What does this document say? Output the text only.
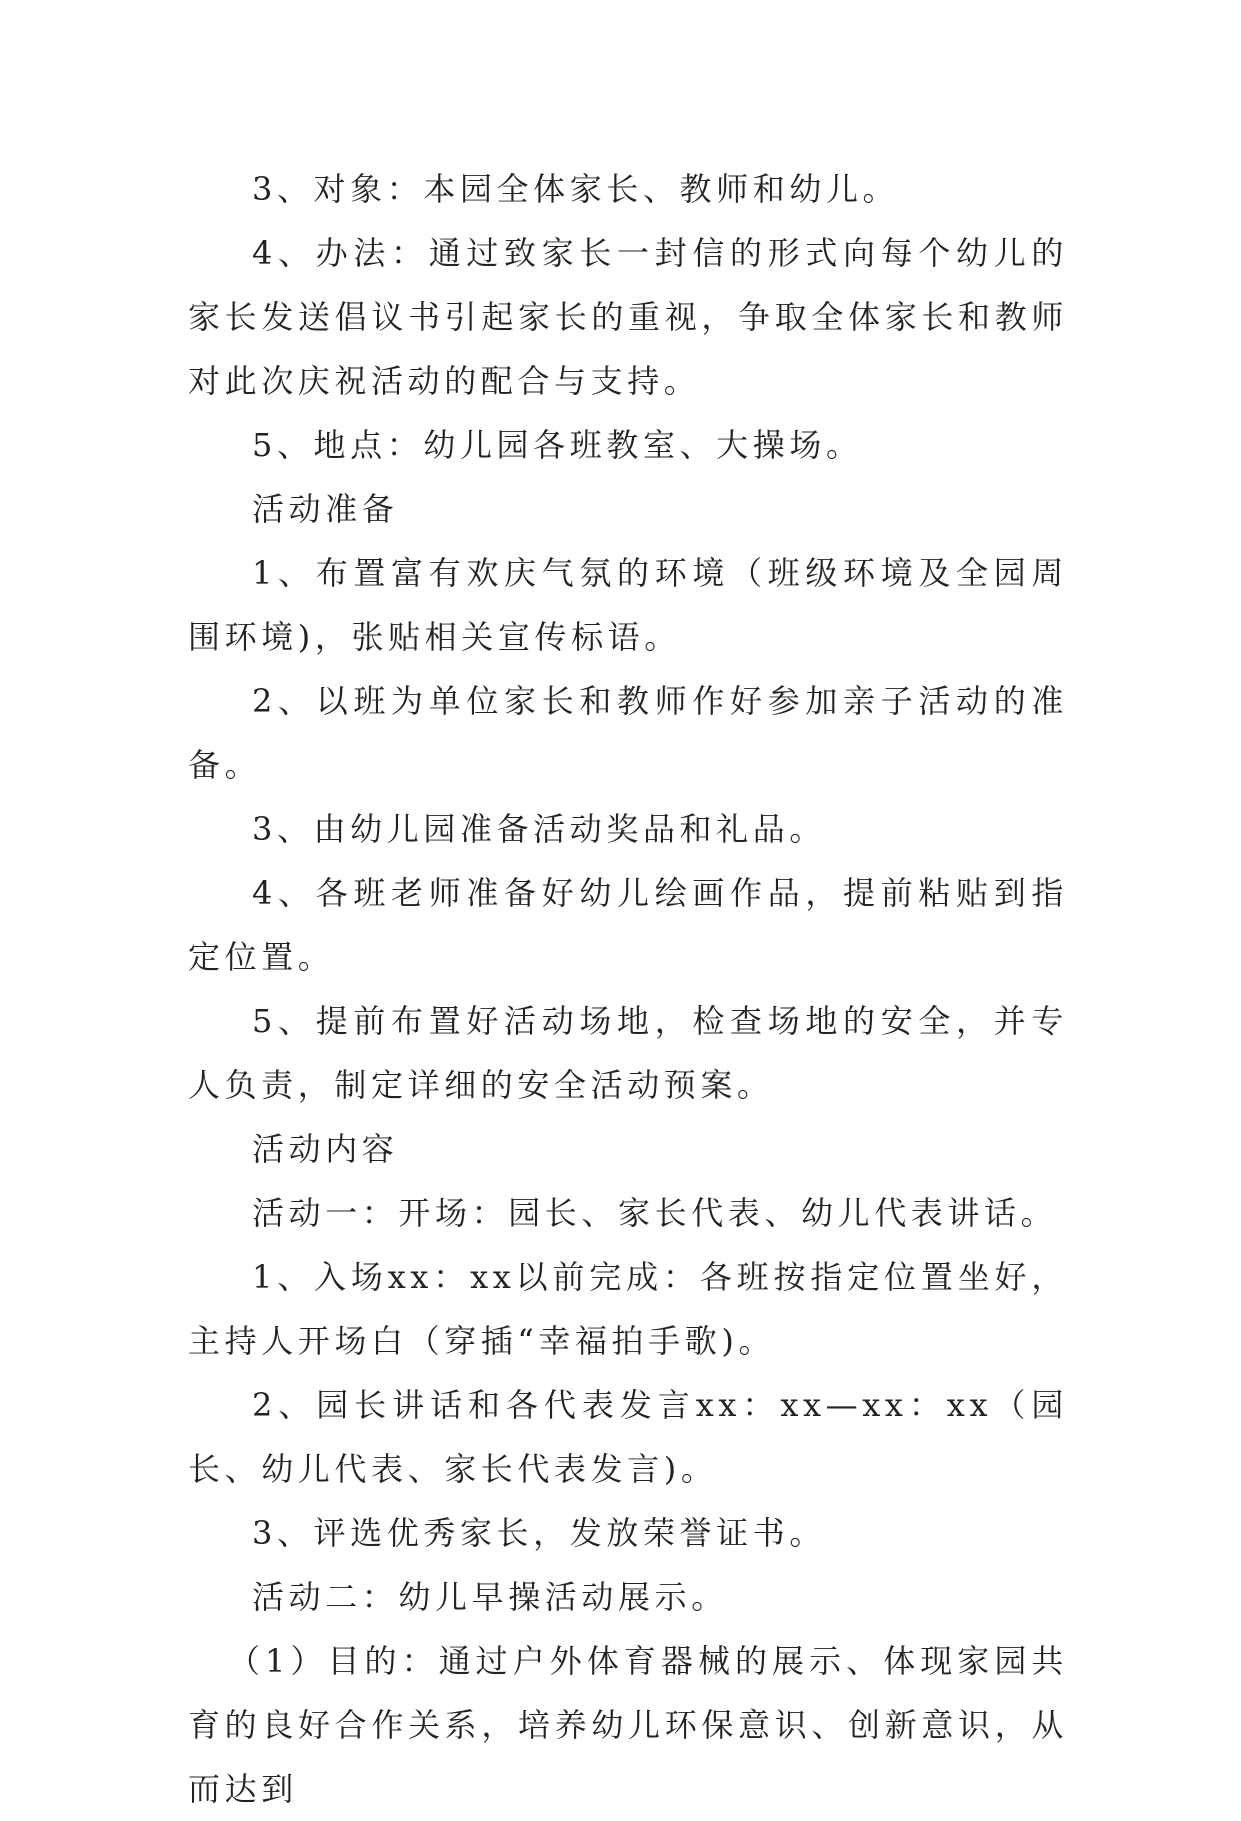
3、对象：本园全体家长、教师和幼儿。

4、办法：通过致家长一封信的形式向每个幼儿的家长发送倡议书引起家长的重视，争取全体家长和教师对此次庆祝活动的配合与支持。

5、地点：幼儿园各班教室、大操场。

活动准备

1、布置富有欢庆气氛的环境（班级环境及全园周围环境)，张贴相关宣传标语。

2、以班为单位家长和教师作好参加亲子活动的准备。

3、由幼儿园准备活动奖品和礼品。

4、各班老师准备好幼儿绘画作品，提前粘贴到指定位置。

5、提前布置好活动场地，检查场地的安全，并专人负责，制定详细的安全活动预案。

活动内容

活动一：开场：园长、家长代表、幼儿代表讲话。

1、入场xx：xx以前完成：各班按指定位置坐好，主持人开场白（穿插“幸福拍手歌)。

2、园长讲话和各代表发言xx：xx—xx：xx（园长、幼儿代表、家长代表发言)。

3、评选优秀家长，发放荣誉证书。

活动二：幼儿早操活动展示。

（1）目的：通过户外体育器械的展示、体现家园共育的良好合作关系，培养幼儿环保意识、创新意识，从而达到
